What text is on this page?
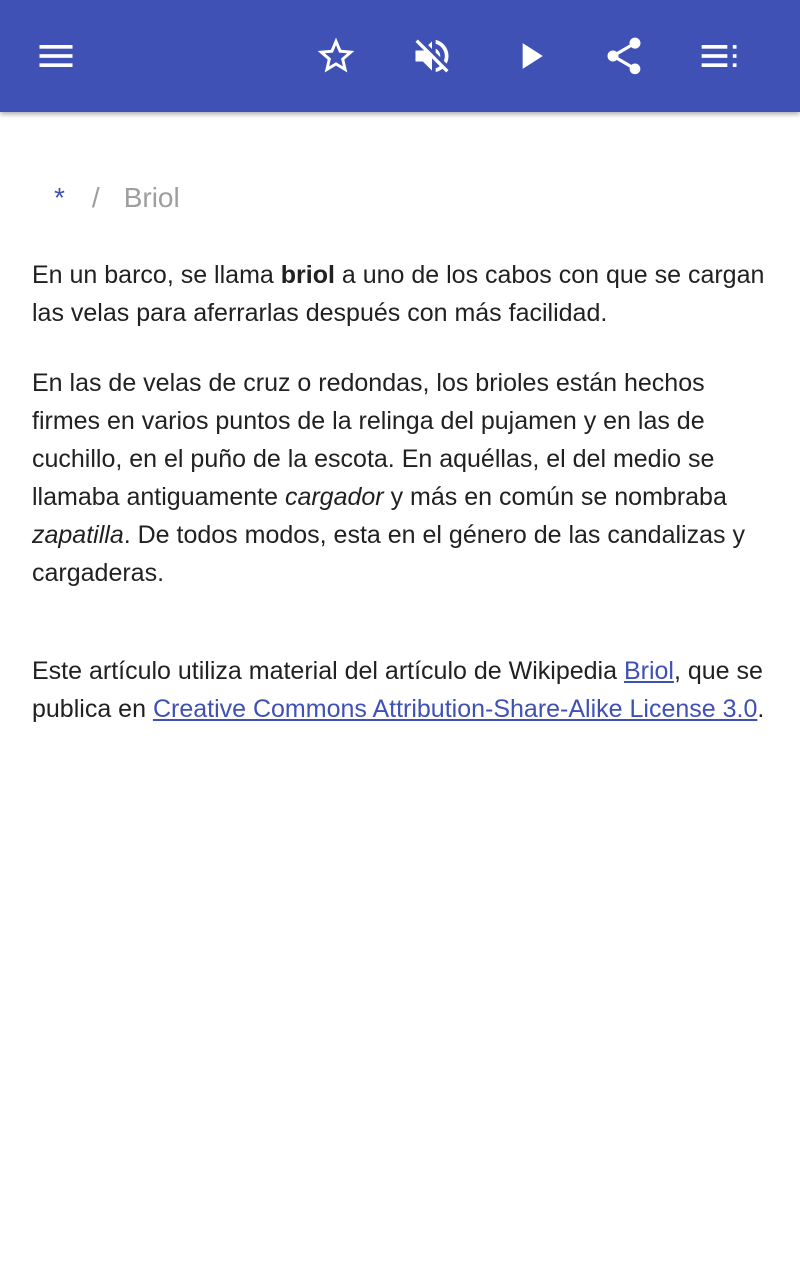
* / Briol

En un barco, se llama briol a uno de los cabos con que se cargan las velas para aferrarlas después con más facilidad.

En las de velas de cruz o redondas, los brioles están hechos firmes en varios puntos de la relinga del pujamen y en las de cuchillo, en el puño de la escota. En aquéllas, el del medio se llamaba antiguamente cargador y más en común se nombraba zapatilla. De todos modos, esta en el género de las candalizas y cargaderas.

Este artículo utiliza material del artículo de Wikipedia Briol, que se publica en Creative Commons Attribution-Share-Alike License 3.0.
